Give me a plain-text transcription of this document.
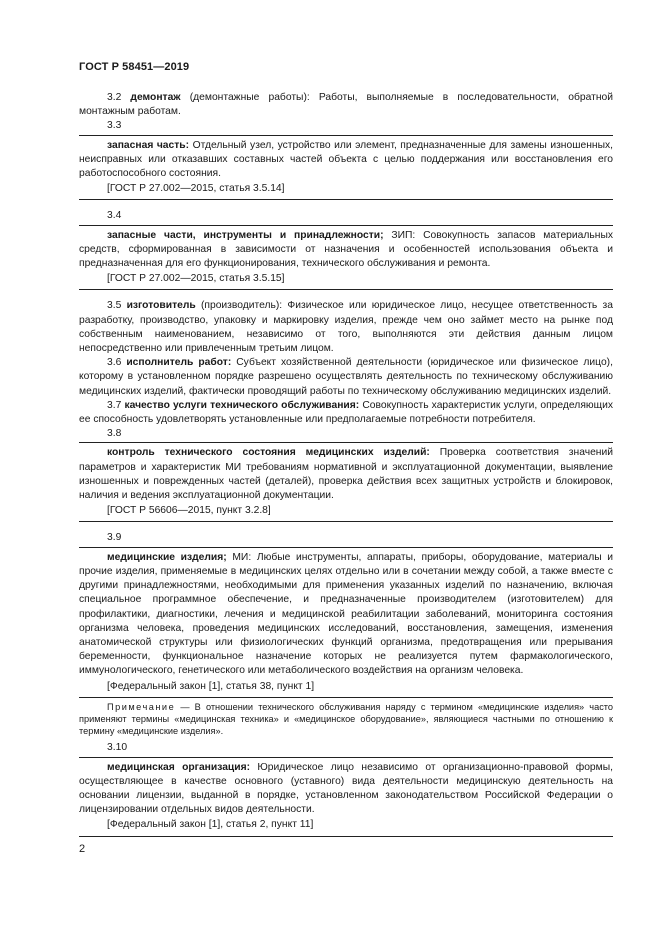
ГОСТ Р 58451—2019

3.2 демонтаж (демонтажные работы): Работы, выполняемые в последовательности, обратной монтажным работам.

3.3

запасная часть: Отдельный узел, устройство или элемент, предназначенные для замены изношенных, неисправных или отказавших составных частей объекта с целью поддержания или восстановления его работоспособного состояния.

[ГОСТ Р 27.002—2015, статья 3.5.14]

3.4

запасные части, инструменты и принадлежности; ЗИП: Совокупность запасов материальных средств, сформированная в зависимости от назначения и особенностей использования объекта и предназначенная для его функционирования, технического обслуживания и ремонта.

[ГОСТ Р 27.002—2015, статья 3.5.15]

3.5 изготовитель (производитель): Физическое или юридическое лицо, несущее ответственность за разработку, производство, упаковку и маркировку изделия, прежде чем оно займет место на рынке под собственным наименованием, независимо от того, выполняются эти действия данным лицом непосредственно или привлеченным третьим лицом.

3.6 исполнитель работ: Субъект хозяйственной деятельности (юридическое или физическое лицо), которому в установленном порядке разрешено осуществлять деятельность по техническому обслуживанию медицинских изделий, фактически проводящий работы по техническому обслуживанию медицинских изделий.

3.7 качество услуги технического обслуживания: Совокупность характеристик услуги, определяющих ее способность удовлетворять установленные или предполагаемые потребности потребителя.

3.8

контроль технического состояния медицинских изделий: Проверка соответствия значений параметров и характеристик МИ требованиям нормативной и эксплуатационной документации, выявление изношенных и поврежденных частей (деталей), проверка действия всех защитных устройств и блокировок, наличия и ведения эксплуатационной документации.

[ГОСТ Р 56606—2015, пункт 3.2.8]

3.9

медицинские изделия; МИ: Любые инструменты, аппараты, приборы, оборудование, материалы и прочие изделия, применяемые в медицинских целях отдельно или в сочетании между собой, а также вместе с другими принадлежностями, необходимыми для применения указанных изделий по назначению, включая специальное программное обеспечение, и предназначенные производителем (изготовителем) для профилактики, диагностики, лечения и медицинской реабилитации заболеваний, мониторинга состояния организма человека, проведения медицинских исследований, восстановления, замещения, изменения анатомической структуры или физиологических функций организма, предотвращения или прерывания беременности, функциональное назначение которых не реализуется путем фармакологического, иммунологического, генетического или метаболического воздействия на организм человека.

[Федеральный закон [1], статья 38, пункт 1]

Примечание — В отношении технического обслуживания наряду с термином «медицинские изделия» часто применяют термины «медицинская техника» и «медицинское оборудование», являющиеся частными по отношению к термину «медицинские изделия».

3.10

медицинская организация: Юридическое лицо независимо от организационно-правовой формы, осуществляющее в качестве основного (уставного) вида деятельности медицинскую деятельность на основании лицензии, выданной в порядке, установленном законодательством Российской Федерации о лицензировании отдельных видов деятельности.

[Федеральный закон [1], статья 2, пункт 11]

2
